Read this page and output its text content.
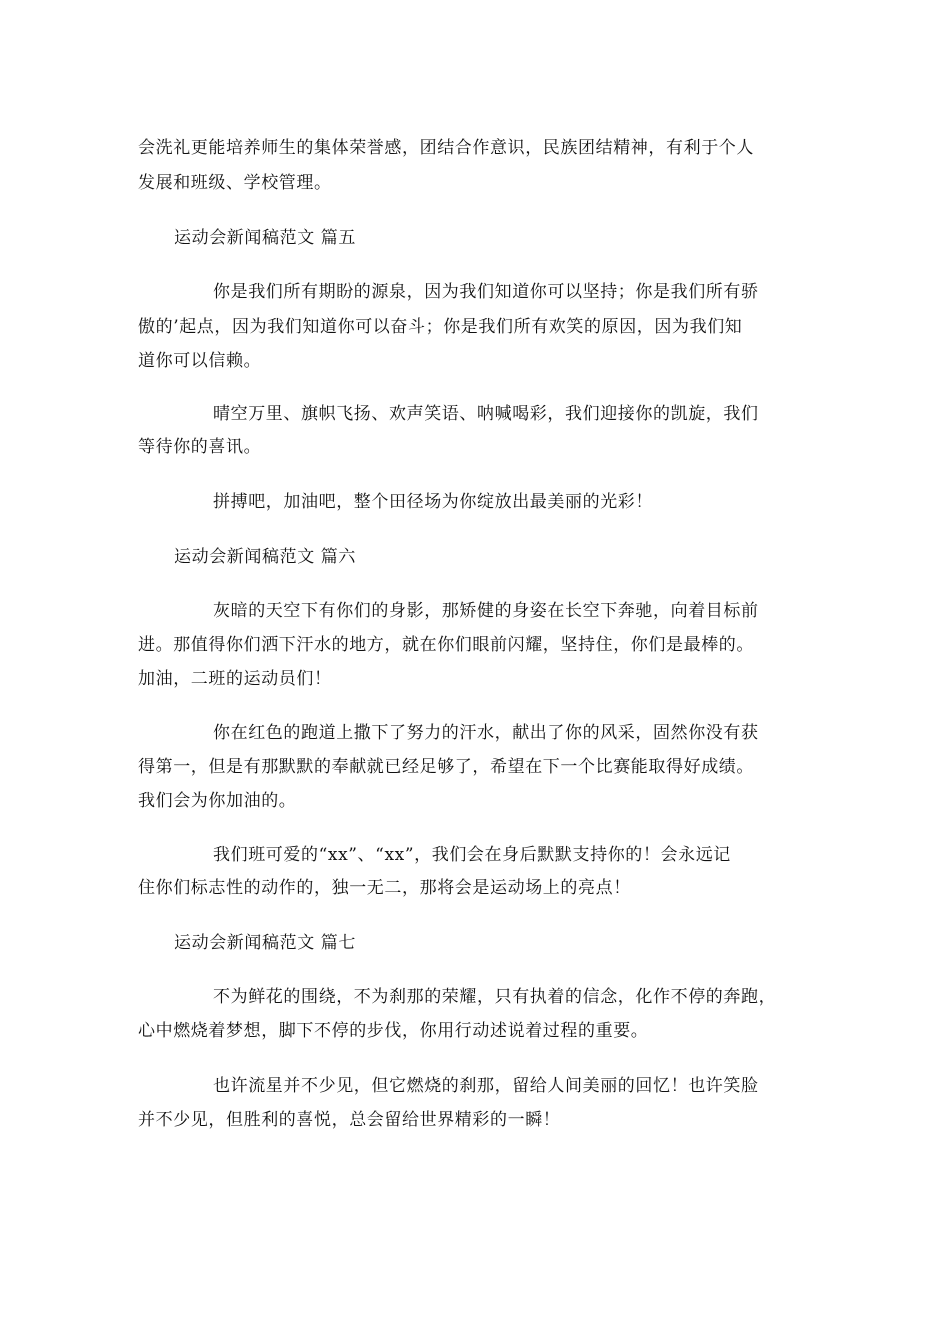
会洗礼更能培养师生的集体荣誉感，团结合作意识，民族团结精神，有利于个人
发展和班级、学校管理。
运动会新闻稿范文 篇五
你是我们所有期盼的源泉，因为我们知道你可以坚持；你是我们所有骄
傲的’起点，因为我们知道你可以奋斗；你是我们所有欢笑的原因，因为我们知
道你可以信赖。
晴空万里、旗帜飞扬、欢声笑语、呐喊喝彩，我们迎接你的凯旋，我们
等待你的喜讯。
拼搏吧，加油吧，整个田径场为你绽放出最美丽的光彩！
运动会新闻稿范文 篇六
灰暗的天空下有你们的身影，那矫健的身姿在长空下奔驰，向着目标前
进。那值得你们洒下汗水的地方，就在你们眼前闪耀，坚持住，你们是最棒的。
加油，二班的运动员们！
你在红色的跑道上撒下了努力的汗水，献出了你的风采，固然你没有获
得第一，但是有那默默的奉献就已经足够了，希望在下一个比赛能取得好成绩。
我们会为你加油的。
我们班可爱的“xx”、“xx”，我们会在身后默默支持你的！会永远记
住你们标志性的动作的，独一无二，那将会是运动场上的亮点！
运动会新闻稿范文 篇七
不为鲜花的围绕，不为刹那的荣耀，只有执着的信念，化作不停的奔跑，
心中燃烧着梦想，脚下不停的步伐，你用行动述说着过程的重要。
也许流星并不少见，但它燃烧的刹那，留给人间美丽的回忆！也许笑脸
并不少见，但胜利的喜悦，总会留给世界精彩的一瞬！
